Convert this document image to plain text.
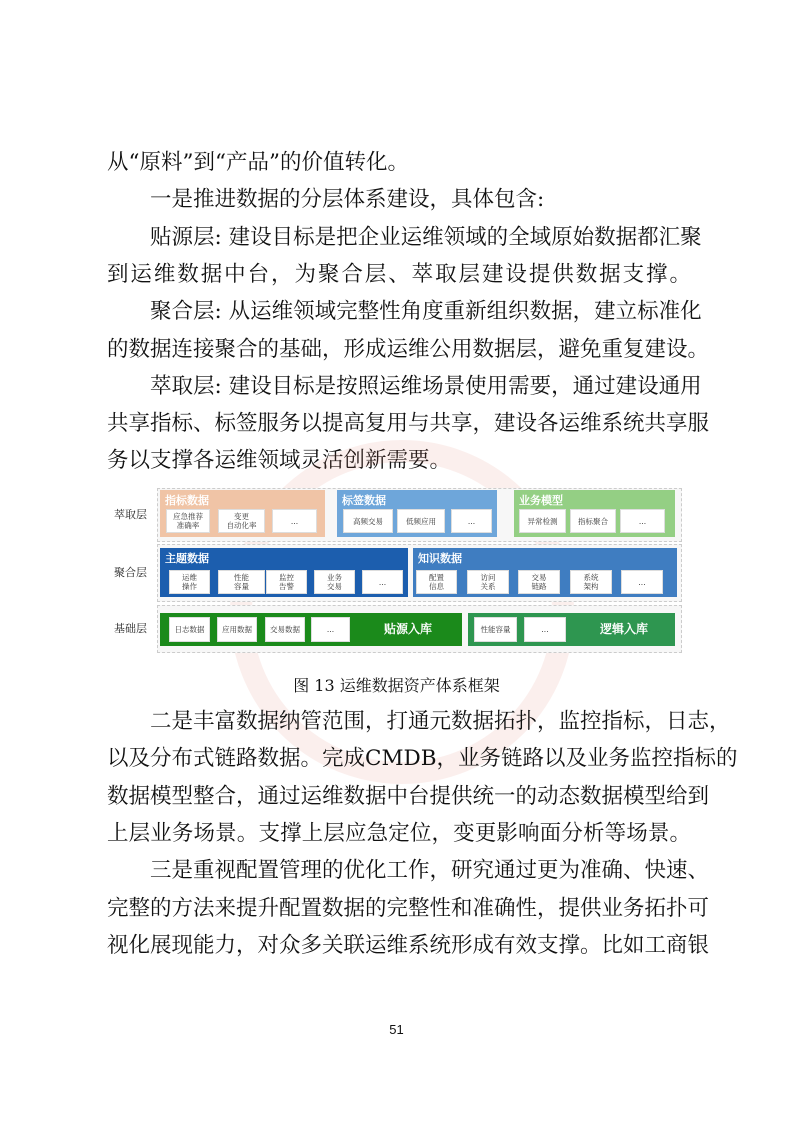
从“原料”到“产品”的价值转化。
一是推进数据的分层体系建设，具体包含:
贴源层: 建设目标是把企业运维领域的全域原始数据都汇聚
到运维数据中台，为聚合层、萃取层建设提供数据支撑。
聚合层: 从运维领域完整性角度重新组织数据，建立标准化
的数据连接聚合的基础，形成运维公用数据层，避免重复建设。
萃取层: 建设目标是按照运维场景使用需要，通过建设通用
共享指标、标签服务以提高复用与共享，建设各运维系统共享服
务以支撑各运维领域灵活创新需要。
萃取层
聚合层
基础层
指标数据
应急推荐
准确率
变更
自动化率	...
标签数据
高频交易	低频应用	...
业务模型
异常检测	指标聚合	...
主题数据
运维
操作
性能
容量
监控
告警
业务
交易	...
知识数据
配置
信息
访问
关系
交易
链路
系统
架构	...
贴源入库
日志数据	应用数据	交易数据	...	逻辑入库
性能容量	...
图 13 运维数据资产体系框架
二是丰富数据纳管范围，打通元数据拓扑，监控指标，日志，
以及分布式链路数据。完成CMDB，业务链路以及业务监控指标的
数据模型整合，通过运维数据中台提供统一的动态数据模型给到
上层业务场景。支撑上层应急定位，变更影响面分析等场景。
三是重视配置管理的优化工作，研究通过更为准确、快速、
完整的方法来提升配置数据的完整性和准确性，提供业务拓扑可
视化展现能力，对众多关联运维系统形成有效支撑。比如工商银
51
